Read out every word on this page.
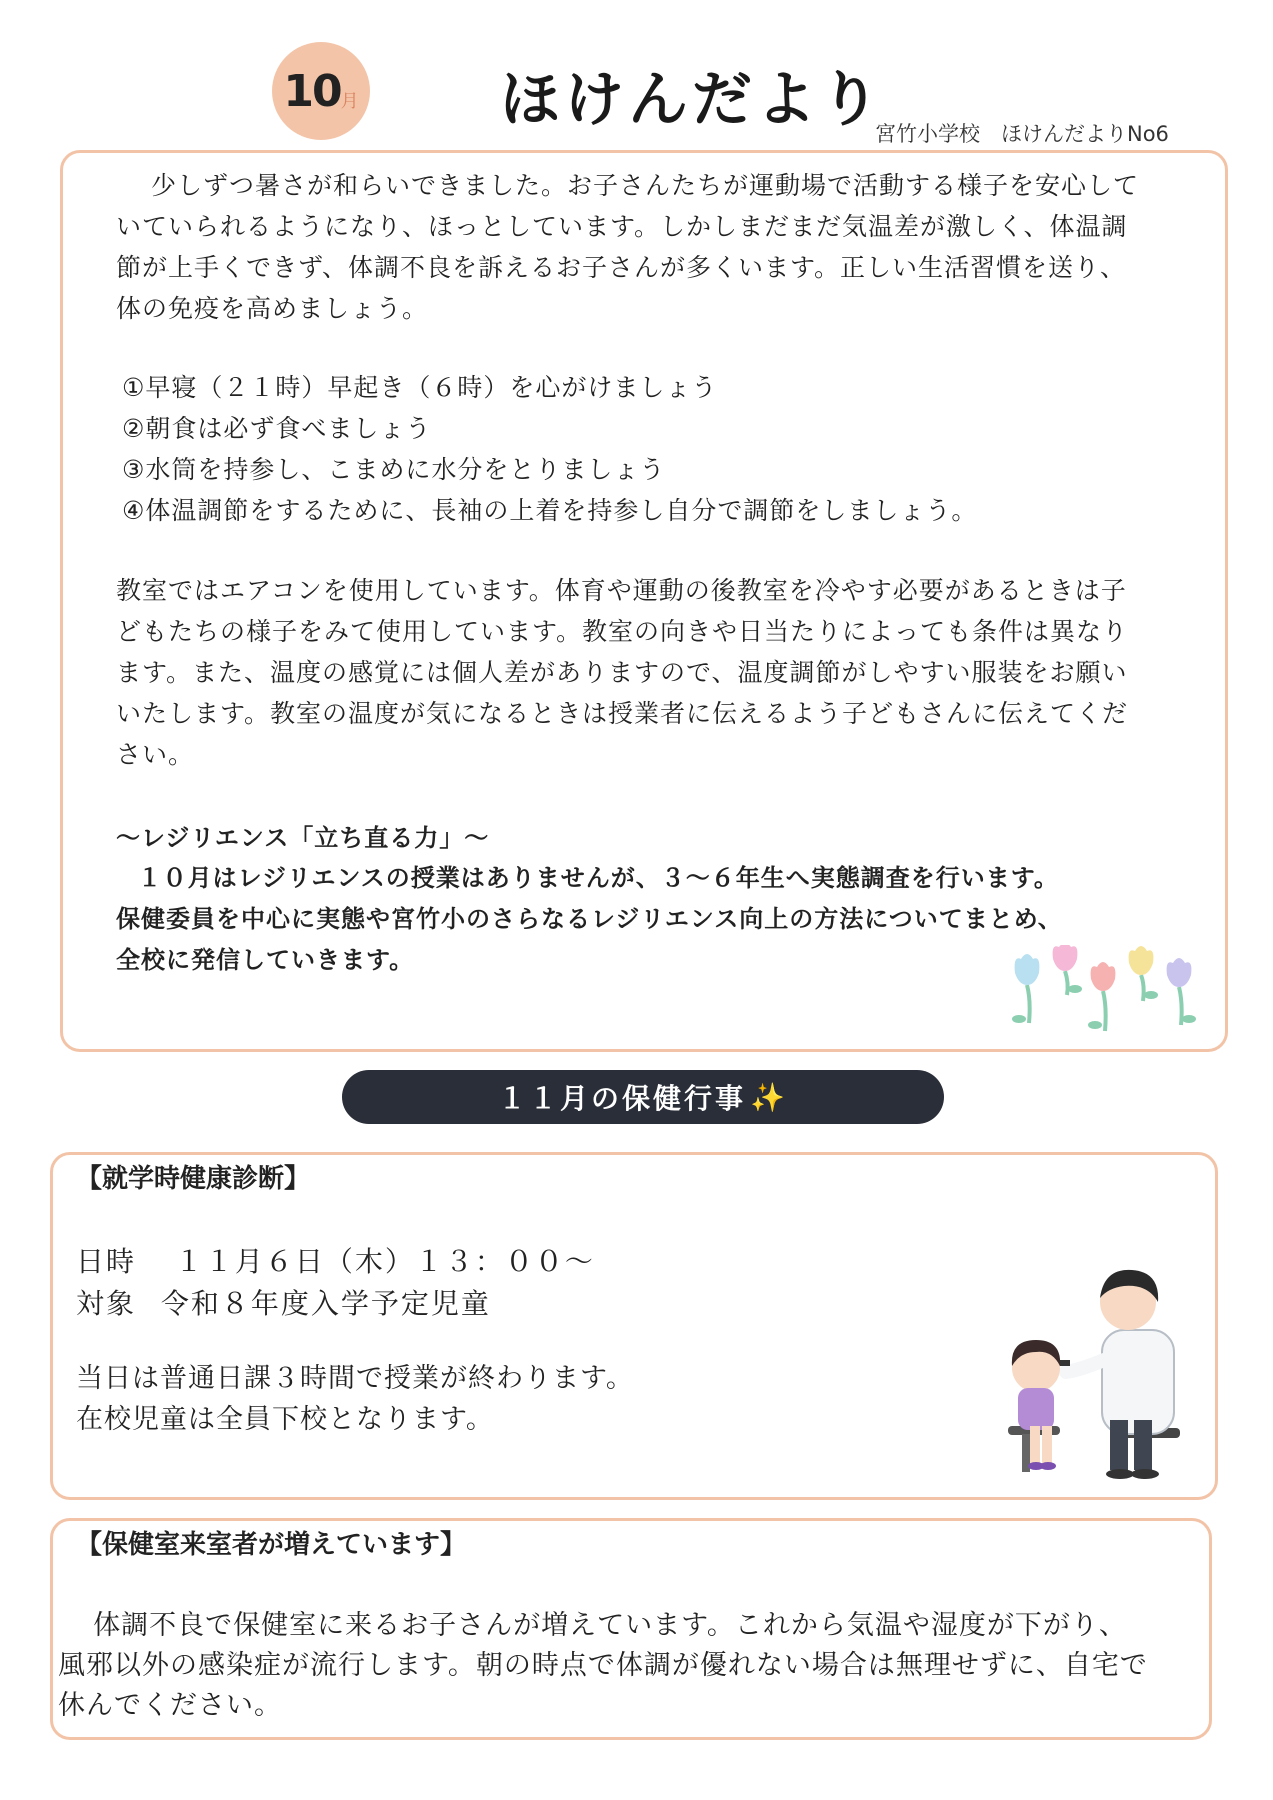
10 月 ほけんだより
宮竹小学校　ほけんだよりNo6

少しずつ暑さが和らいできました。お子さんたちが運動場で活動する様子を安心していていられるようになり、ほっとしています。しかしまだまだ気温差が激しく、体温調節が上手くできず、体調不良を訴えるお子さんが多くいます。正しい生活習慣を送り、体の免疫を高めましょう。

①早寝（２１時）早起き（６時）を心がけましょう
②朝食は必ず食べましょう
③水筒を持参し、こまめに水分をとりましょう
④体温調節をするために、長袖の上着を持参し自分で調節をしましょう。

教室ではエアコンを使用しています。体育や運動の後教室を冷やす必要があるときは子どもたちの様子をみて使用しています。教室の向きや日当たりによっても条件は異なります。また、温度の感覚には個人差がありますので、温度調節がしやすい服装をお願いいたします。教室の温度が気になるときは授業者に伝えるよう子どもさんに伝えてください。

～レジリエンス「立ち直る力」～
１０月はレジリエンスの授業はありませんが、３～６年生へ実態調査を行います。
保健委員を中心に実態や宮竹小のさらなるレジリエンス向上の方法についてまとめ、
全校に発信していきます。
１１月の保健行事 ✨
【就学時健康診断】
日時 １１月６日（木）１３：００～
対象 令和８年度入学予定児童
当日は普通日課３時間で授業が終わります。
在校児童は全員下校となります。
【保健室来室者が増えています】
体調不良で保健室に来るお子さんが増えています。これから気温や湿度が下がり、
風邪以外の感染症が流行します。朝の時点で体調が優れない場合は無理せずに、自宅で
休んでください。
